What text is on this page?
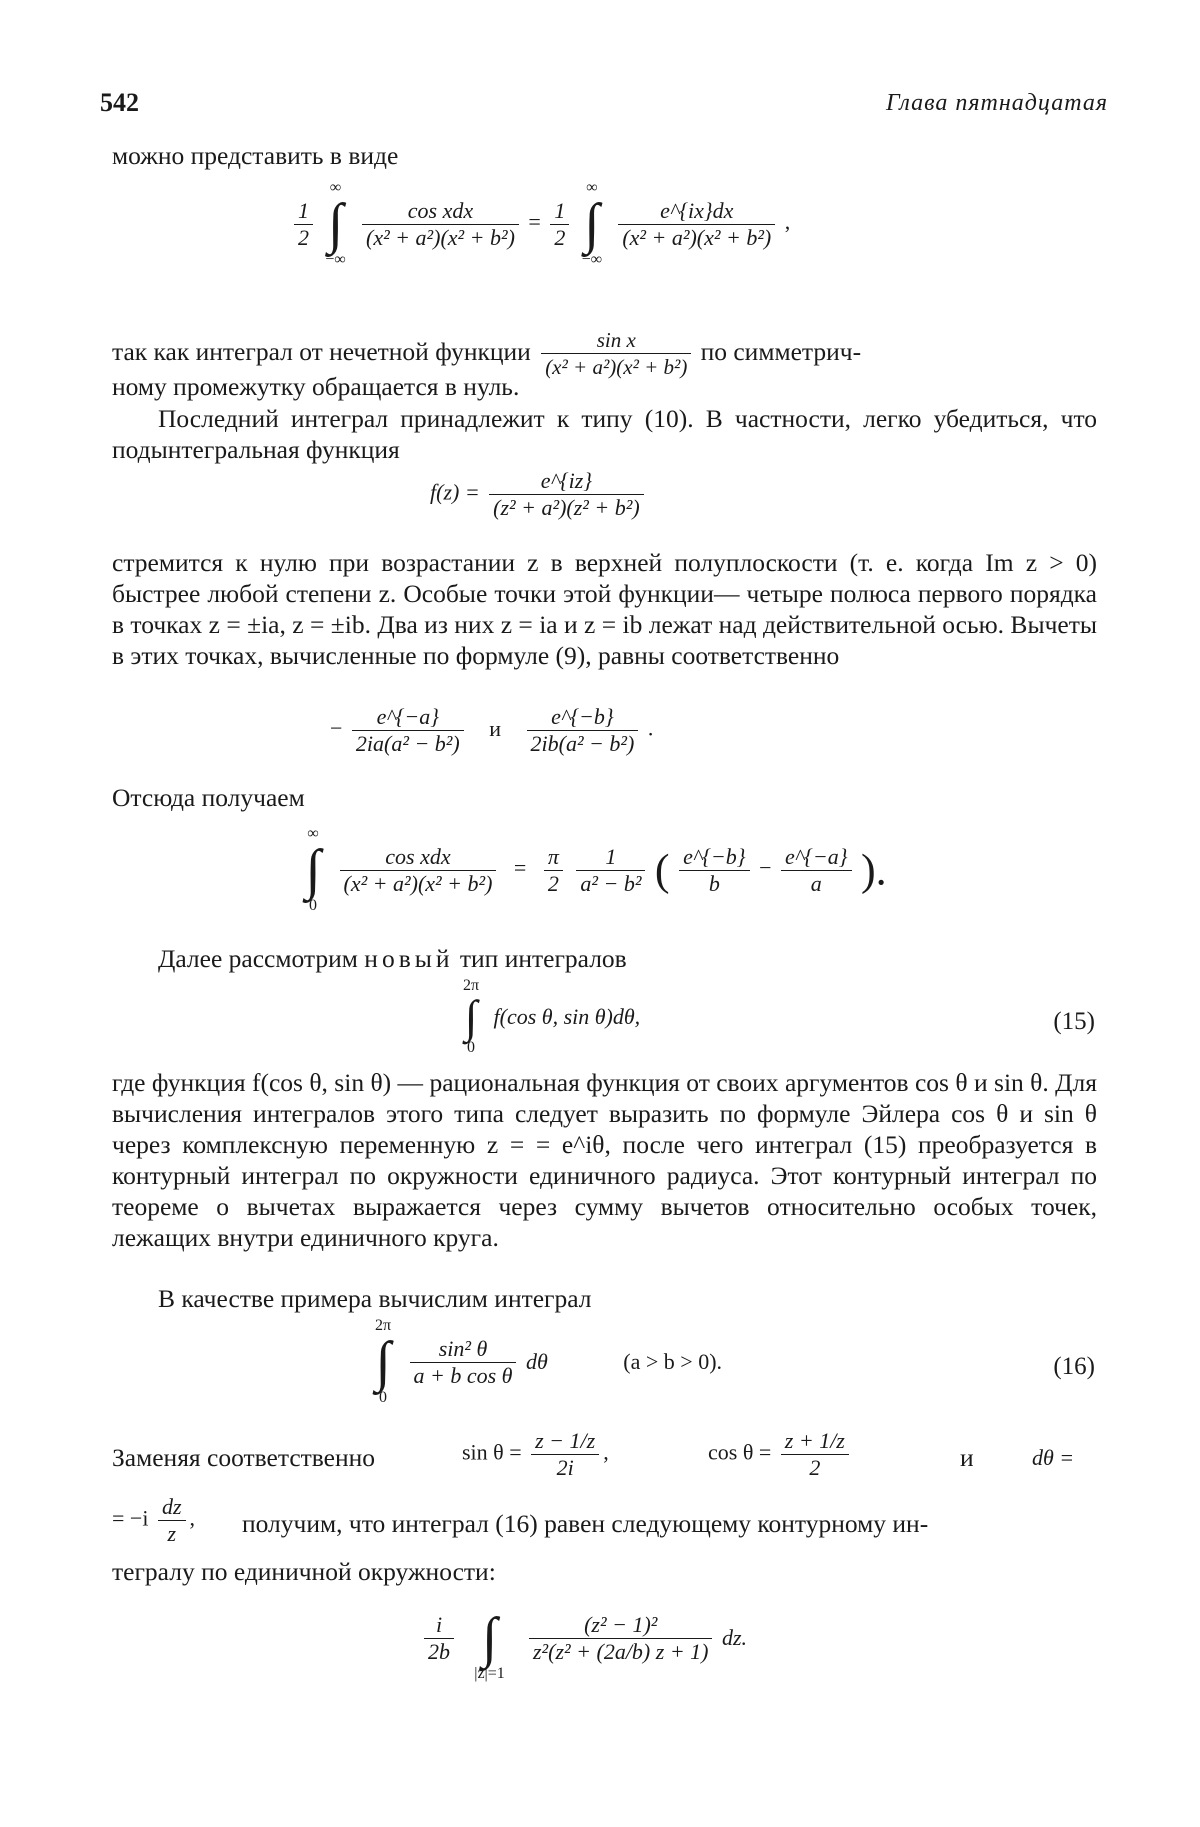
542	Глава пятнадцатая
можно представить в виде
$\frac{1}{2}$

∞
∫
−∞

$\frac{\text{cos xdx}}{\text{(x² + a²)(x² + b²)}} = \frac{1}{2}$

∞
∫
−∞

$\frac{e\^{}\{ix\}dx}{\text{(x² + a²)(x² + b²)}}$ ,
так как интеграл от нечетной функции $\frac{\text{sin x}}{\text{(x² + a²)(x² + b²)}}$ по симметрич-
ному промежутку обращается в нуль.
Последний интеграл принадлежит к типу (10). В частности, легко убедиться, что подынтегральная функция
$f(z) = \frac{e\^{}\{iz\}}{\text{(z² + a²)(z² + b²)}}$
стремится к нулю при возрастании z в верхней полуплоскости (т. е. когда Im z > 0) быстрее любой степени z. Особые точки этой функции— четыре полюса первого порядка в точках z = ±ia, z = ±ib. Два из них z = ia и z = ib лежат над действительной осью. Вычеты в этих точках, вычисленные по формуле (9), равны соответственно
− $\frac{e\^{}\{-a\}}{\text{2ia(a² − b²)}}$ и $\frac{e\^{}\{-b\}}{\text{2ib(a² − b²)}}$ .
Отсюда получаем
∞
∫
0

$\frac{\text{cos xdx}}{\text{(x² + a²)(x² + b²)}} = \frac{\pi}{2}$
$\frac{1}{\text{a² − b²}}$ ( $\frac{e\^{}\{-b\}}{b} - \frac{e\^{}\{-a\}}{a}$ ).
Далее рассмотрим новый тип интегралов
2π
∫
0
f(cos θ, sin θ)dθ,	(15)
где функция f(cos θ, sin θ) — рациональная функция от своих аргументов cos θ и sin θ. Для вычисления интегралов этого типа следует выразить по формуле Эйлера cos θ и sin θ через комплексную переменную z = = e^iθ, после чего интеграл (15) преобразуется в контурный интеграл по окружности единичного радиуса. Этот контурный интеграл по теореме о вычетах выражается через сумму вычетов относительно особых точек, лежащих внутри единичного круга.
В качестве примера вычислим интеграл
2π
∫
0

$\frac{\text{sin² θ}}{\text{a + b cos θ}}$ dθ	(a > b > 0).	(16)
Заменяя соответственно	$\sin \theta = \frac{z - 1/z}{2i}$ ,	$\cos \theta = \frac{z + 1/z}{2}$	и	dθ =
= $-i \frac{dz}{z}$ , получим, что интеграл (16) равен следующему контурному ин-
тегралу по единичной окружности:
$\frac{i}{2b}$

∫
|z|=1

$\frac{\text{(z² − 1)²}}{\text{z²(z² + (2a/b) z + 1)}}$ dz.
